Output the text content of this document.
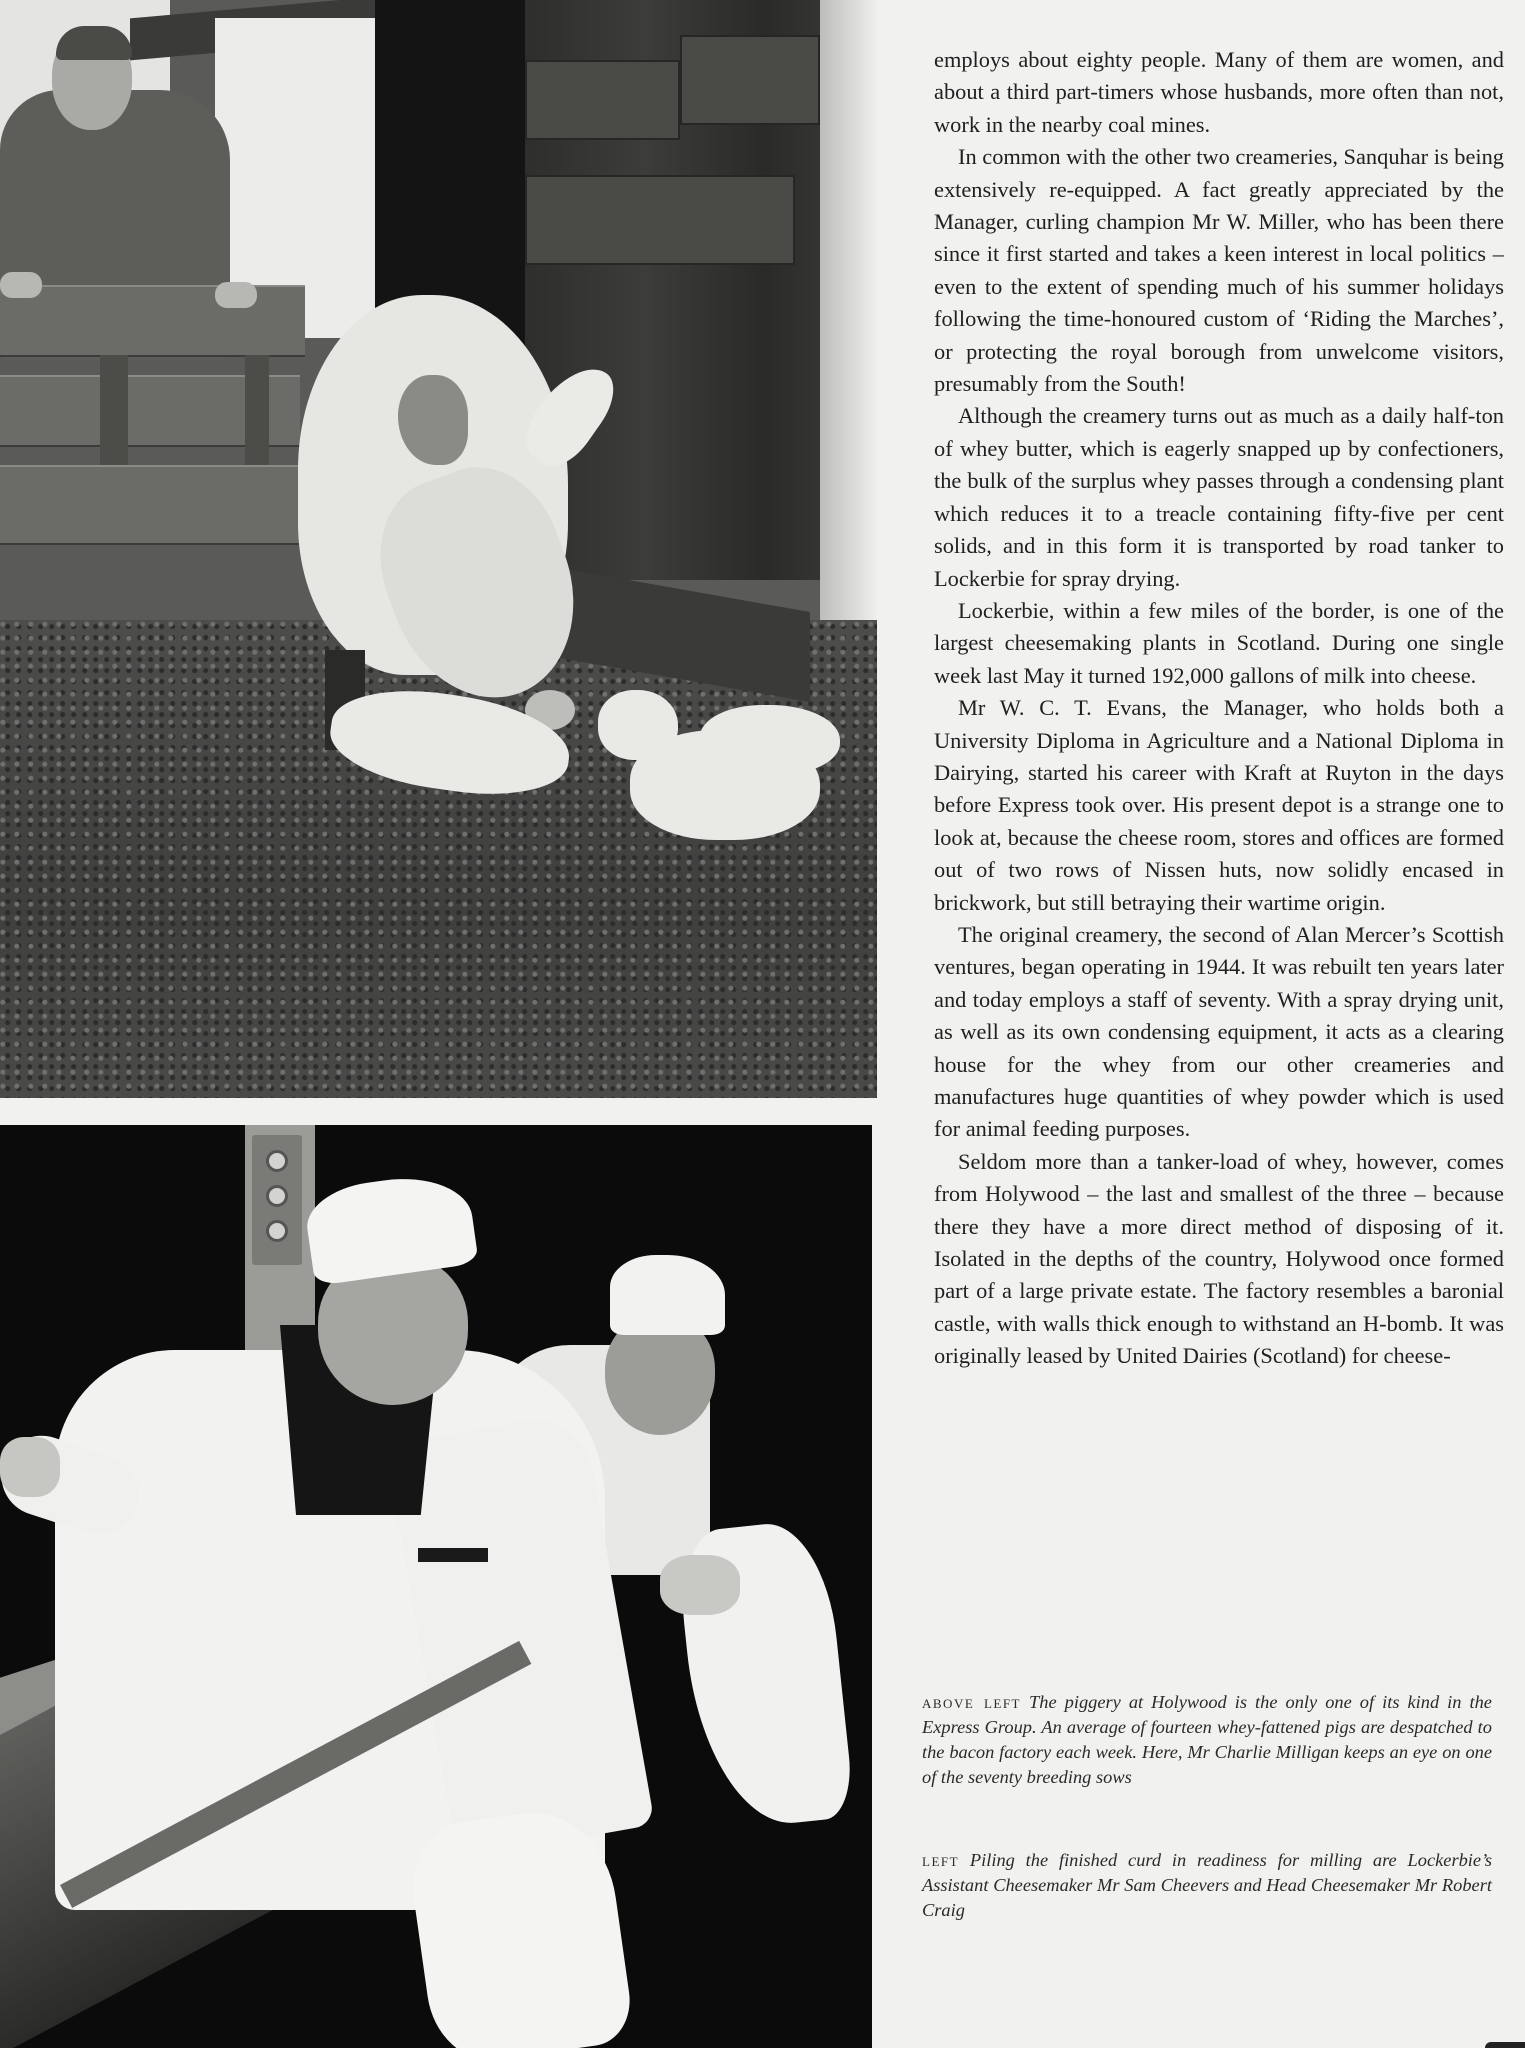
employs about eighty people. Many of them are women, and about a third part-timers whose husbands, more often than not, work in the nearby coal mines.

In common with the other two creameries, Sanquhar is being extensively re-equipped. A fact greatly appreciated by the Manager, curling champion Mr W. Miller, who has been there since it first started and takes a keen interest in local politics – even to the extent of spending much of his summer holidays following the time-honoured custom of ‘Riding the Marches’, or protecting the royal borough from unwelcome visitors, presumably from the South!

Although the creamery turns out as much as a daily half-ton of whey butter, which is eagerly snapped up by confectioners, the bulk of the surplus whey passes through a condensing plant which reduces it to a treacle containing fifty-five per cent solids, and in this form it is transported by road tanker to Lockerbie for spray drying.

Lockerbie, within a few miles of the border, is one of the largest cheesemaking plants in Scotland. During one single week last May it turned 192,000 gallons of milk into cheese.

Mr W. C. T. Evans, the Manager, who holds both a University Diploma in Agriculture and a National Diploma in Dairying, started his career with Kraft at Ruyton in the days before Express took over. His present depot is a strange one to look at, because the cheese room, stores and offices are formed out of two rows of Nissen huts, now solidly encased in brickwork, but still betraying their wartime origin.

The original creamery, the second of Alan Mercer’s Scottish ventures, began operating in 1944. It was rebuilt ten years later and today employs a staff of seventy. With a spray drying unit, as well as its own condensing equipment, it acts as a clearing house for the whey from our other creameries and manufactures huge quantities of whey powder which is used for animal feeding purposes.

Seldom more than a tanker-load of whey, however, comes from Holywood – the last and smallest of the three – because there they have a more direct method of disposing of it. Isolated in the depths of the country, Holywood once formed part of a large private estate. The factory resembles a baronial castle, with walls thick enough to withstand an H-bomb. It was originally leased by United Dairies (Scotland) for cheese-

above left The piggery at Holywood is the only one of its kind in the Express Group. An average of fourteen whey-fattened pigs are despatched to the bacon factory each week. Here, Mr Charlie Milligan keeps an eye on one of the seventy breeding sows
left Piling the finished curd in readiness for milling are Lockerbie’s Assistant Cheesemaker Mr Sam Cheevers and Head Cheesemaker Mr Robert Craig
